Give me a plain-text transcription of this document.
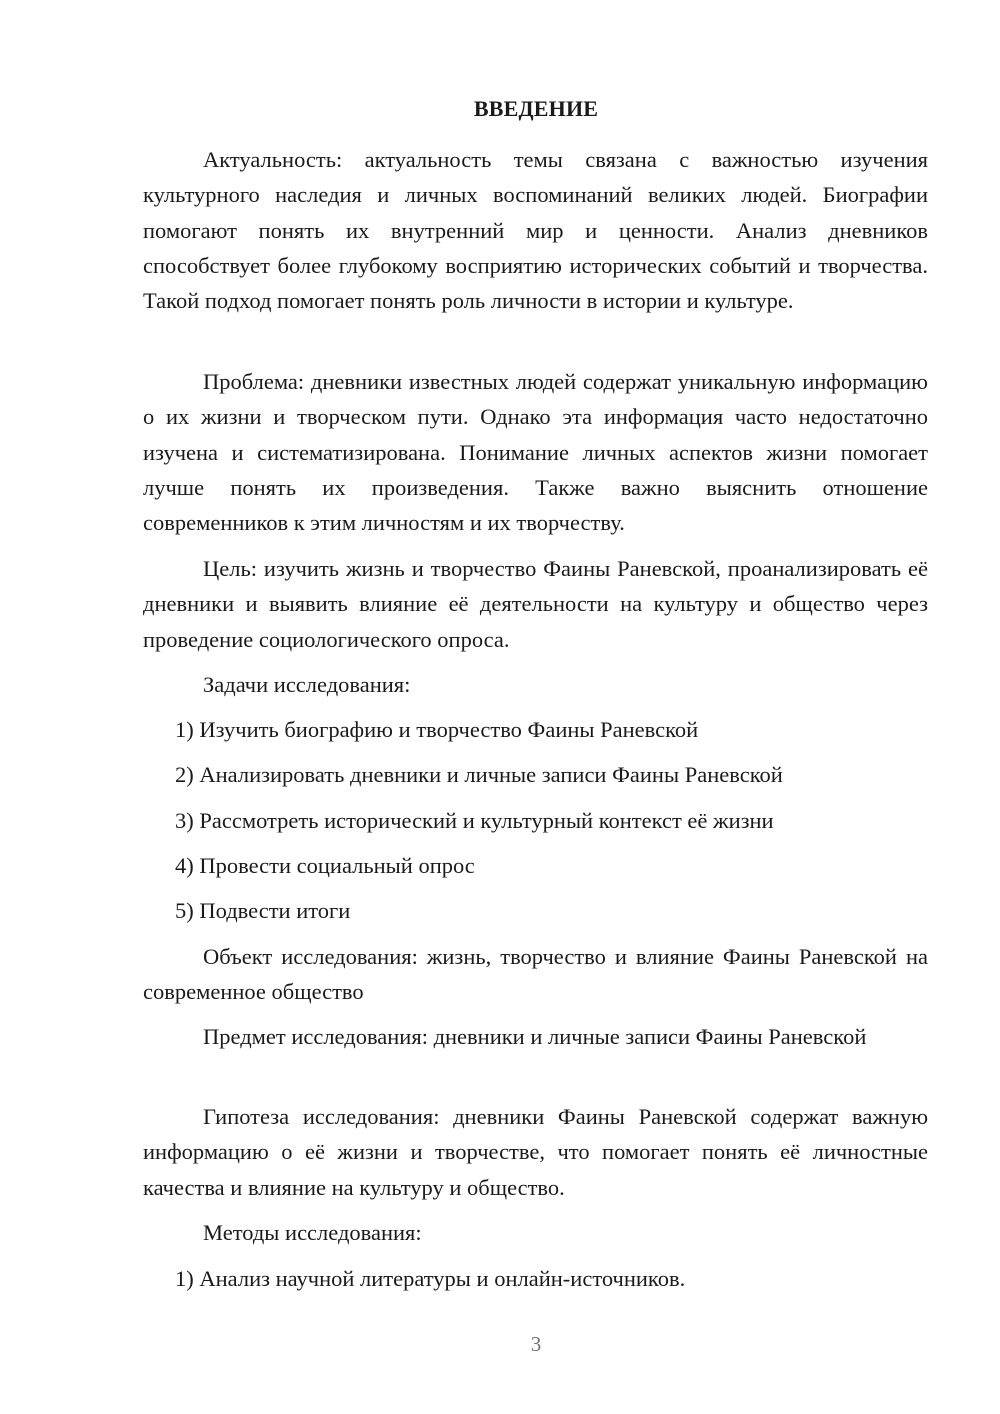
ВВЕДЕНИЕ

Актуальность: актуальность темы связана с важностью изучения культурного наследия и личных воспоминаний великих людей. Биографии помогают понять их внутренний мир и ценности. Анализ дневников способствует более глубокому восприятию исторических событий и творчества. Такой подход помогает понять роль личности в истории и культуре.

Проблема: дневники известных людей содержат уникальную информацию о их жизни и творческом пути. Однако эта информация часто недостаточно изучена и систематизирована. Понимание личных аспектов жизни помогает лучше понять их произведения. Также важно выяснить отношение современников к этим личностям и их творчеству.

Цель: изучить жизнь и творчество Фаины Раневской, проанализировать её дневники и выявить влияние её деятельности на культуру и общество через проведение социологического опроса.

Задачи исследования:

1) Изучить биографию и творчество Фаины Раневской

2) Анализировать дневники и личные записи Фаины Раневской

3) Рассмотреть исторический и культурный контекст её жизни

4) Провести социальный опрос

5) Подвести итоги

Объект исследования: жизнь, творчество и влияние Фаины Раневской на современное общество

Предмет исследования: дневники и личные записи Фаины Раневской

Гипотеза исследования: дневники Фаины Раневской содержат важную информацию о её жизни и творчестве, что помогает понять её личностные качества и влияние на культуру и общество.

Методы исследования:

1) Анализ научной литературы и онлайн-источников.

3
